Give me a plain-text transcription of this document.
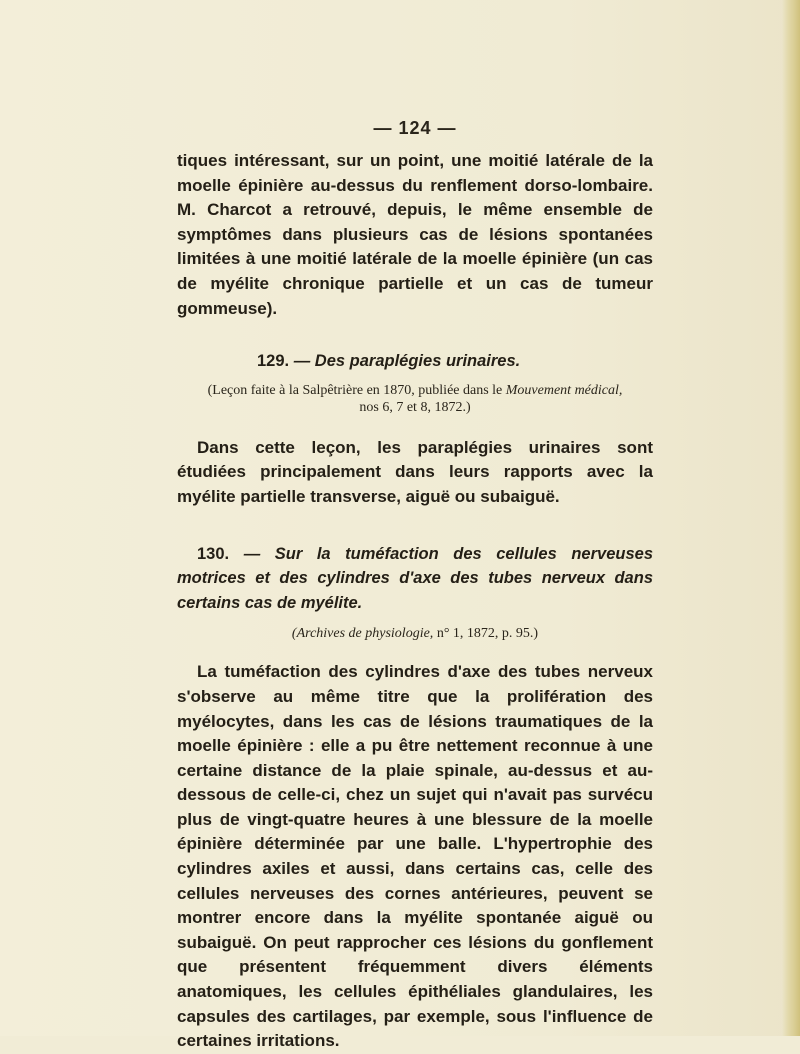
— 124 —

tiques intéressant, sur un point, une moitié latérale de la moelle épinière au-dessus du renflement dorso-lombaire. M. Charcot a retrouvé, depuis, le même ensemble de symptômes dans plusieurs cas de lésions spontanées limitées à une moitié latérale de la moelle épinière (un cas de myélite chronique partielle et un cas de tumeur gommeuse).

129. — Des paraplégies urinaires.
(Leçon faite à la Salpêtrière en 1870, publiée dans le Mouvement médical,
nos 6, 7 et 8, 1872.)

Dans cette leçon, les paraplégies urinaires sont étudiées principalement dans leurs rapports avec la myélite partielle transverse, aiguë ou subaiguë.

130. — Sur la tuméfaction des cellules nerveuses motrices et des cylindres d'axe des tubes nerveux dans certains cas de myélite.
(Archives de physiologie, n° 1, 1872, p. 95.)

La tuméfaction des cylindres d'axe des tubes nerveux s'observe au même titre que la prolifération des myélocytes, dans les cas de lésions traumatiques de la moelle épinière : elle a pu être nettement reconnue à une certaine distance de la plaie spinale, au-dessus et au-dessous de celle-ci, chez un sujet qui n'avait pas survécu plus de vingt-quatre heures à une blessure de la moelle épinière déterminée par une balle. L'hypertrophie des cylindres axiles et aussi, dans certains cas, celle des cellules nerveuses des cornes antérieures, peuvent se montrer encore dans la myélite spontanée aiguë ou subaiguë. On peut rapprocher ces lésions du gonflement que présentent fréquemment divers éléments anatomiques, les cellules épithéliales glandulaires, les capsules des cartilages, par exemple, sous l'influence de certaines irritations.
